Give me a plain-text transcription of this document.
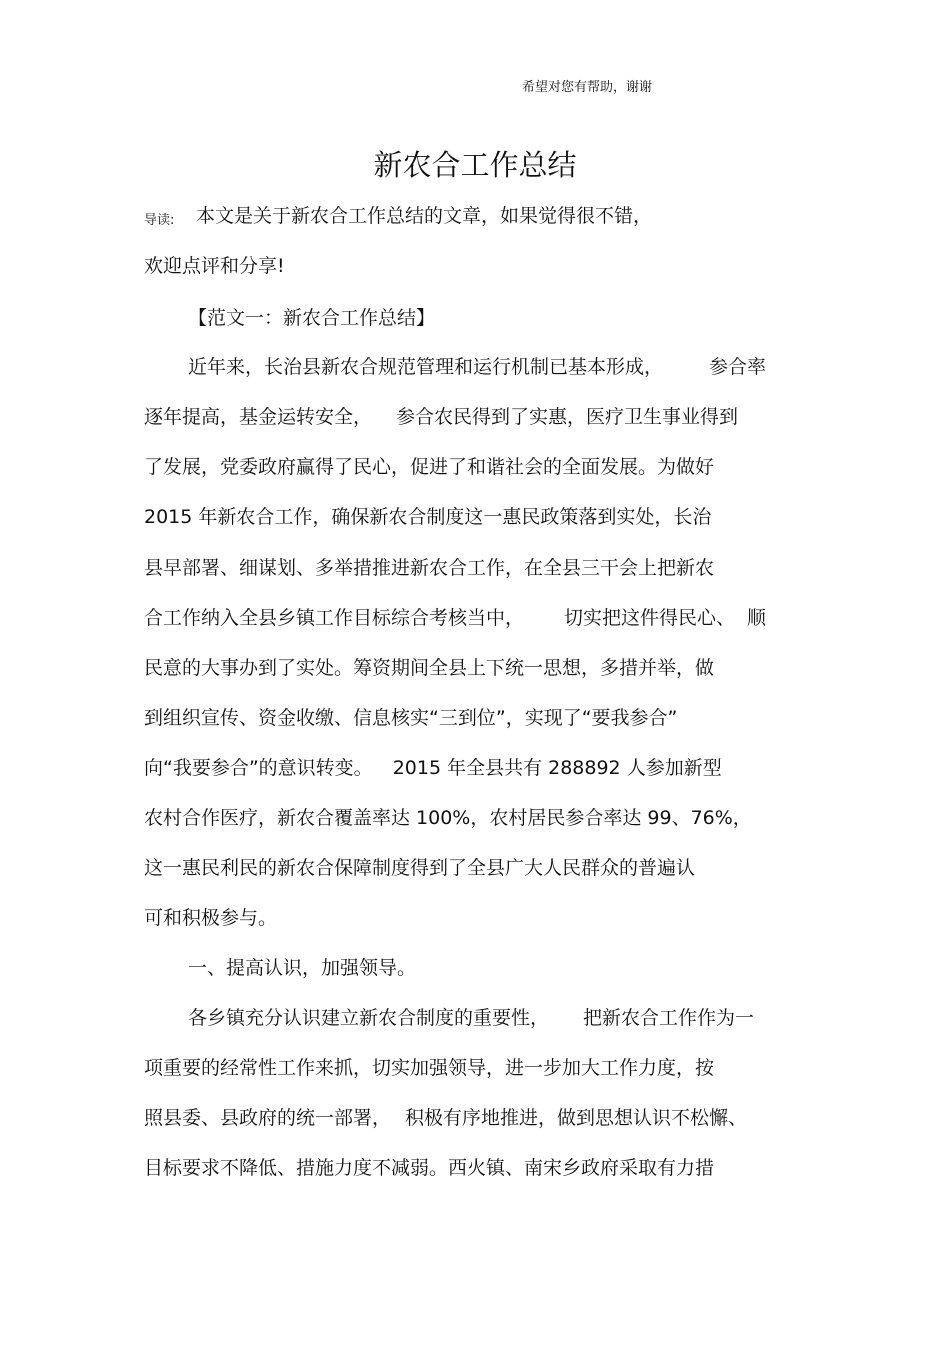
希望对您有帮助，谢谢
新农合工作总结
导读: 本文是关于新农合工作总结的文章，如果觉得很不错，
欢迎点评和分享!
【范文一：新农合工作总结】
近年来，长治县新农合规范管理和运行机制已基本形成， 参合率
逐年提高，基金运转安全， 参合农民得到了实惠，医疗卫生事业得到
了发展，党委政府赢得了民心，促进了和谐社会的全面发展。为做好
2015 年新农合工作，确保新农合制度这一惠民政策落到实处，长治
县早部署、细谋划、多举措推进新农合工作，在全县三干会上把新农
合工作纳入全县乡镇工作目标综合考核当中， 切实把这件得民心、 顺
民意的大事办到了实处。筹资期间全县上下统一思想，多措并举，做
到组织宣传、资金收缴、信息核实“三到位”，实现了“要我参合”
向“我要参合”的意识转变。 2015 年全县共有 288892 人参加新型
农村合作医疗，新农合覆盖率达 100%，农村居民参合率达 99、76%，
这一惠民利民的新农合保障制度得到了全县广大人民群众的普遍认
可和积极参与。
一、提高认识，加强领导。
各乡镇充分认识建立新农合制度的重要性， 把新农合工作作为一
项重要的经常性工作来抓，切实加强领导，进一步加大工作力度，按
照县委、县政府的统一部署， 积极有序地推进，做到思想认识不松懈、
目标要求不降低、措施力度不减弱。西火镇、南宋乡政府采取有力措
